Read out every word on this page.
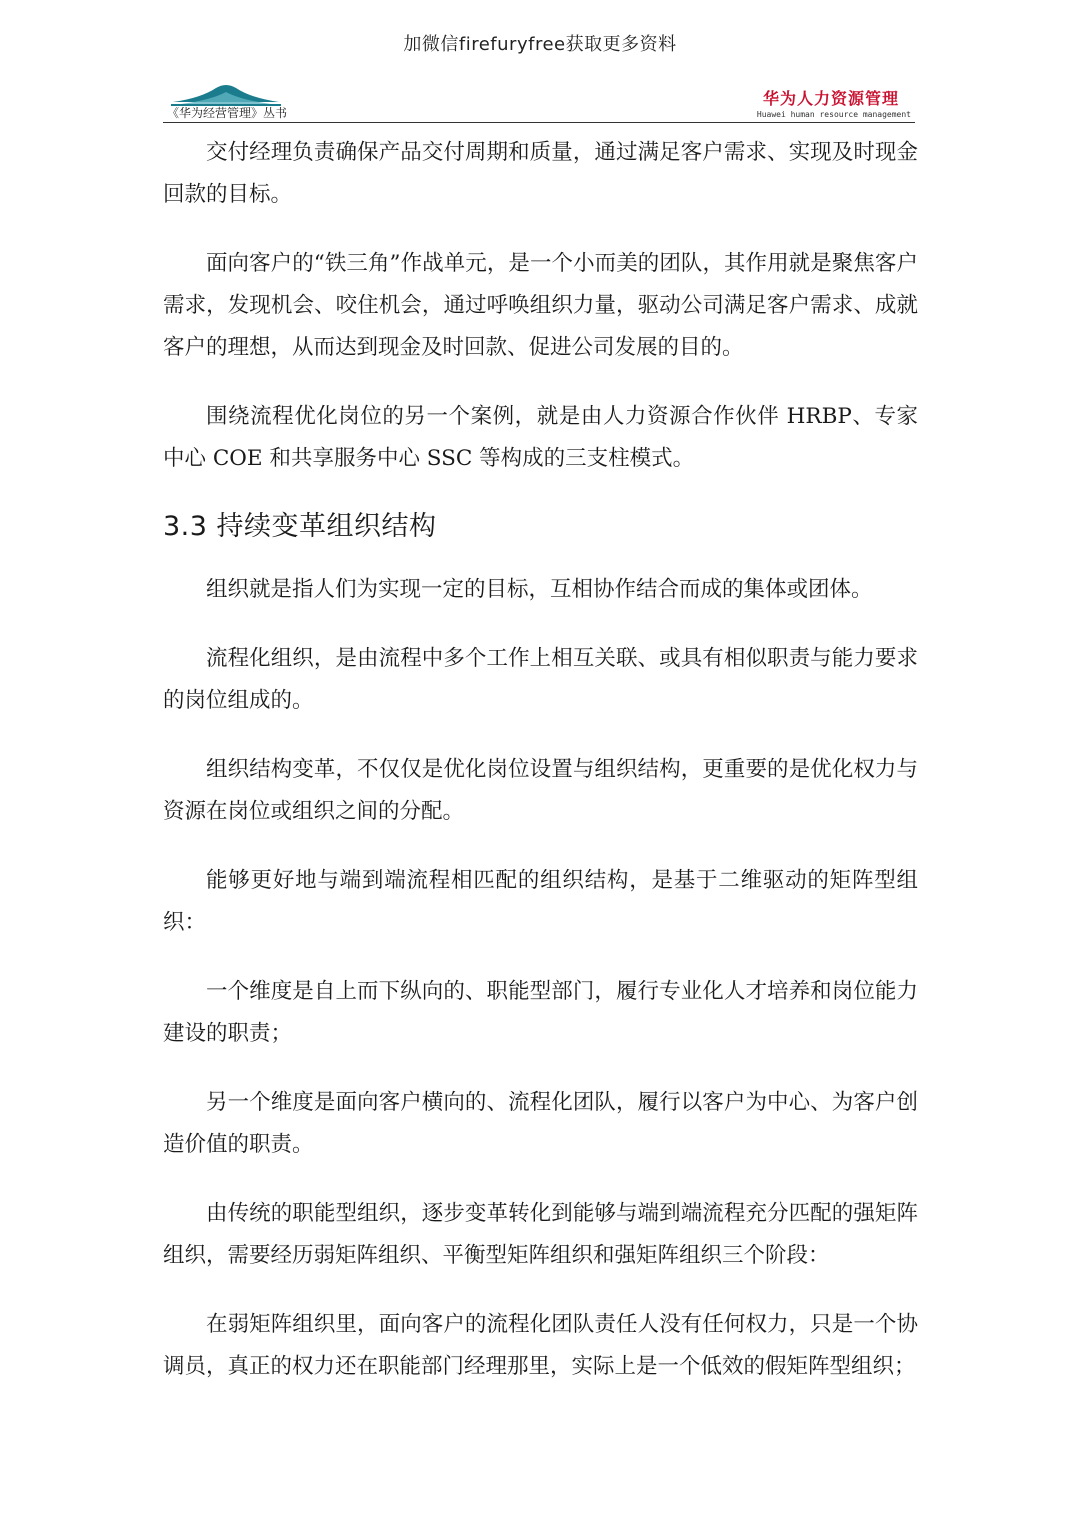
加微信firefuryfree获取更多资料
《华为经营管理》丛书
华为人力资源管理
Huawei human resource management

交付经理负责确保产品交付周期和质量，通过满足客户需求、实现及时现金回款的目标。

面向客户的“铁三角”作战单元，是一个小而美的团队，其作用就是聚焦客户需求，发现机会、咬住机会，通过呼唤组织力量，驱动公司满足客户需求、成就客户的理想，从而达到现金及时回款、促进公司发展的目的。

围绕流程优化岗位的另一个案例，就是由人力资源合作伙伴 HRBP、专家中心 COE 和共享服务中心 SSC 等构成的三支柱模式。

3.3 持续变革组织结构

组织就是指人们为实现一定的目标，互相协作结合而成的集体或团体。

流程化组织，是由流程中多个工作上相互关联、或具有相似职责与能力要求的岗位组成的。

组织结构变革，不仅仅是优化岗位设置与组织结构，更重要的是优化权力与资源在岗位或组织之间的分配。

能够更好地与端到端流程相匹配的组织结构，是基于二维驱动的矩阵型组织：

一个维度是自上而下纵向的、职能型部门，履行专业化人才培养和岗位能力建设的职责；

另一个维度是面向客户横向的、流程化团队，履行以客户为中心、为客户创造价值的职责。

由传统的职能型组织，逐步变革转化到能够与端到端流程充分匹配的强矩阵组织，需要经历弱矩阵组织、平衡型矩阵组织和强矩阵组织三个阶段：

在弱矩阵组织里，面向客户的流程化团队责任人没有任何权力，只是一个协调员，真正的权力还在职能部门经理那里，实际上是一个低效的假矩阵型组织；
